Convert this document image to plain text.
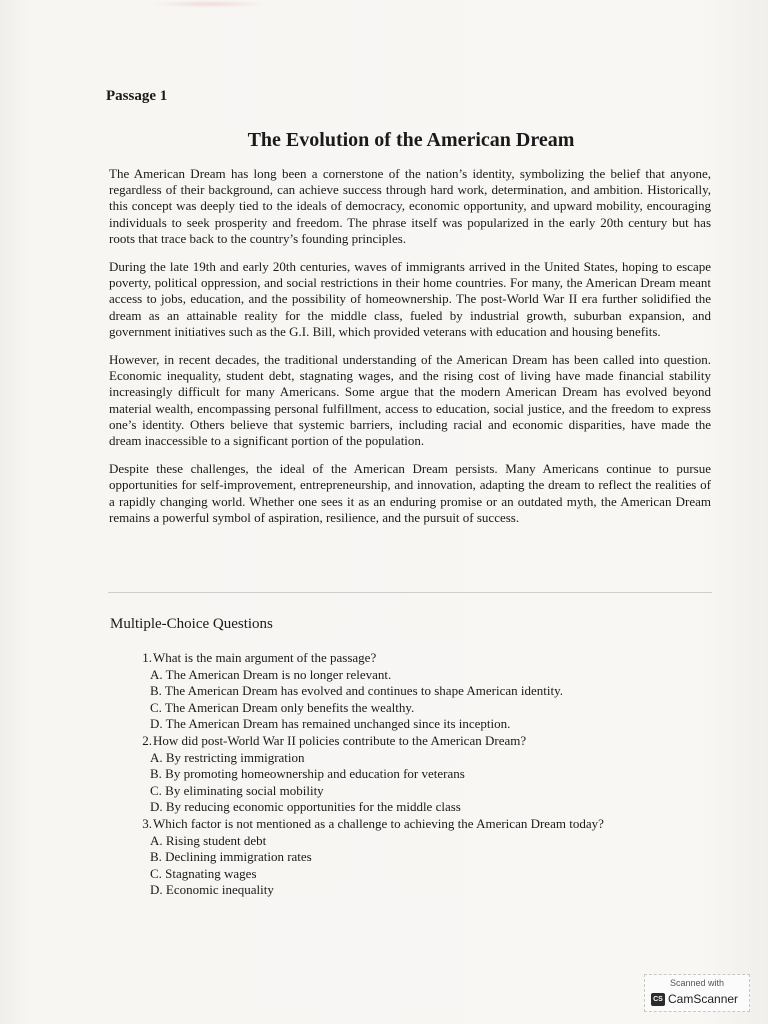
Passage 1
The Evolution of the American Dream

The American Dream has long been a cornerstone of the nation’s identity, symbolizing the belief that anyone, regardless of their background, can achieve success through hard work, determination, and ambition. Historically, this concept was deeply tied to the ideals of democracy, economic opportunity, and upward mobility, encouraging individuals to seek prosperity and freedom. The phrase itself was popularized in the early 20th century but has roots that trace back to the country’s founding principles.

During the late 19th and early 20th centuries, waves of immigrants arrived in the United States, hoping to escape poverty, political oppression, and social restrictions in their home countries. For many, the American Dream meant access to jobs, education, and the possibility of homeownership. The post-World War II era further solidified the dream as an attainable reality for the middle class, fueled by industrial growth, suburban expansion, and government initiatives such as the G.I. Bill, which provided veterans with education and housing benefits.

However, in recent decades, the traditional understanding of the American Dream has been called into question. Economic inequality, student debt, stagnating wages, and the rising cost of living have made financial stability increasingly difficult for many Americans. Some argue that the modern American Dream has evolved beyond material wealth, encompassing personal fulfillment, access to education, social justice, and the freedom to express one’s identity. Others believe that systemic barriers, including racial and economic disparities, have made the dream inaccessible to a significant portion of the population.

Despite these challenges, the ideal of the American Dream persists. Many Americans continue to pursue opportunities for self-improvement, entrepreneurship, and innovation, adapting the dream to reflect the realities of a rapidly changing world. Whether one sees it as an enduring promise or an outdated myth, the American Dream remains a powerful symbol of aspiration, resilience, and the pursuit of success.

Multiple-Choice Questions
1. What is the main argument of the passage?
A. The American Dream is no longer relevant.
B. The American Dream has evolved and continues to shape American identity.
C. The American Dream only benefits the wealthy.
D. The American Dream has remained unchanged since its inception.
2. How did post-World War II policies contribute to the American Dream?
A. By restricting immigration
B. By promoting homeownership and education for veterans
C. By eliminating social mobility
D. By reducing economic opportunities for the middle class
3. Which factor is not mentioned as a challenge to achieving the American Dream today?
A. Rising student debt
B. Declining immigration rates
C. Stagnating wages
D. Economic inequality
Scanned with
CS CamScanner
